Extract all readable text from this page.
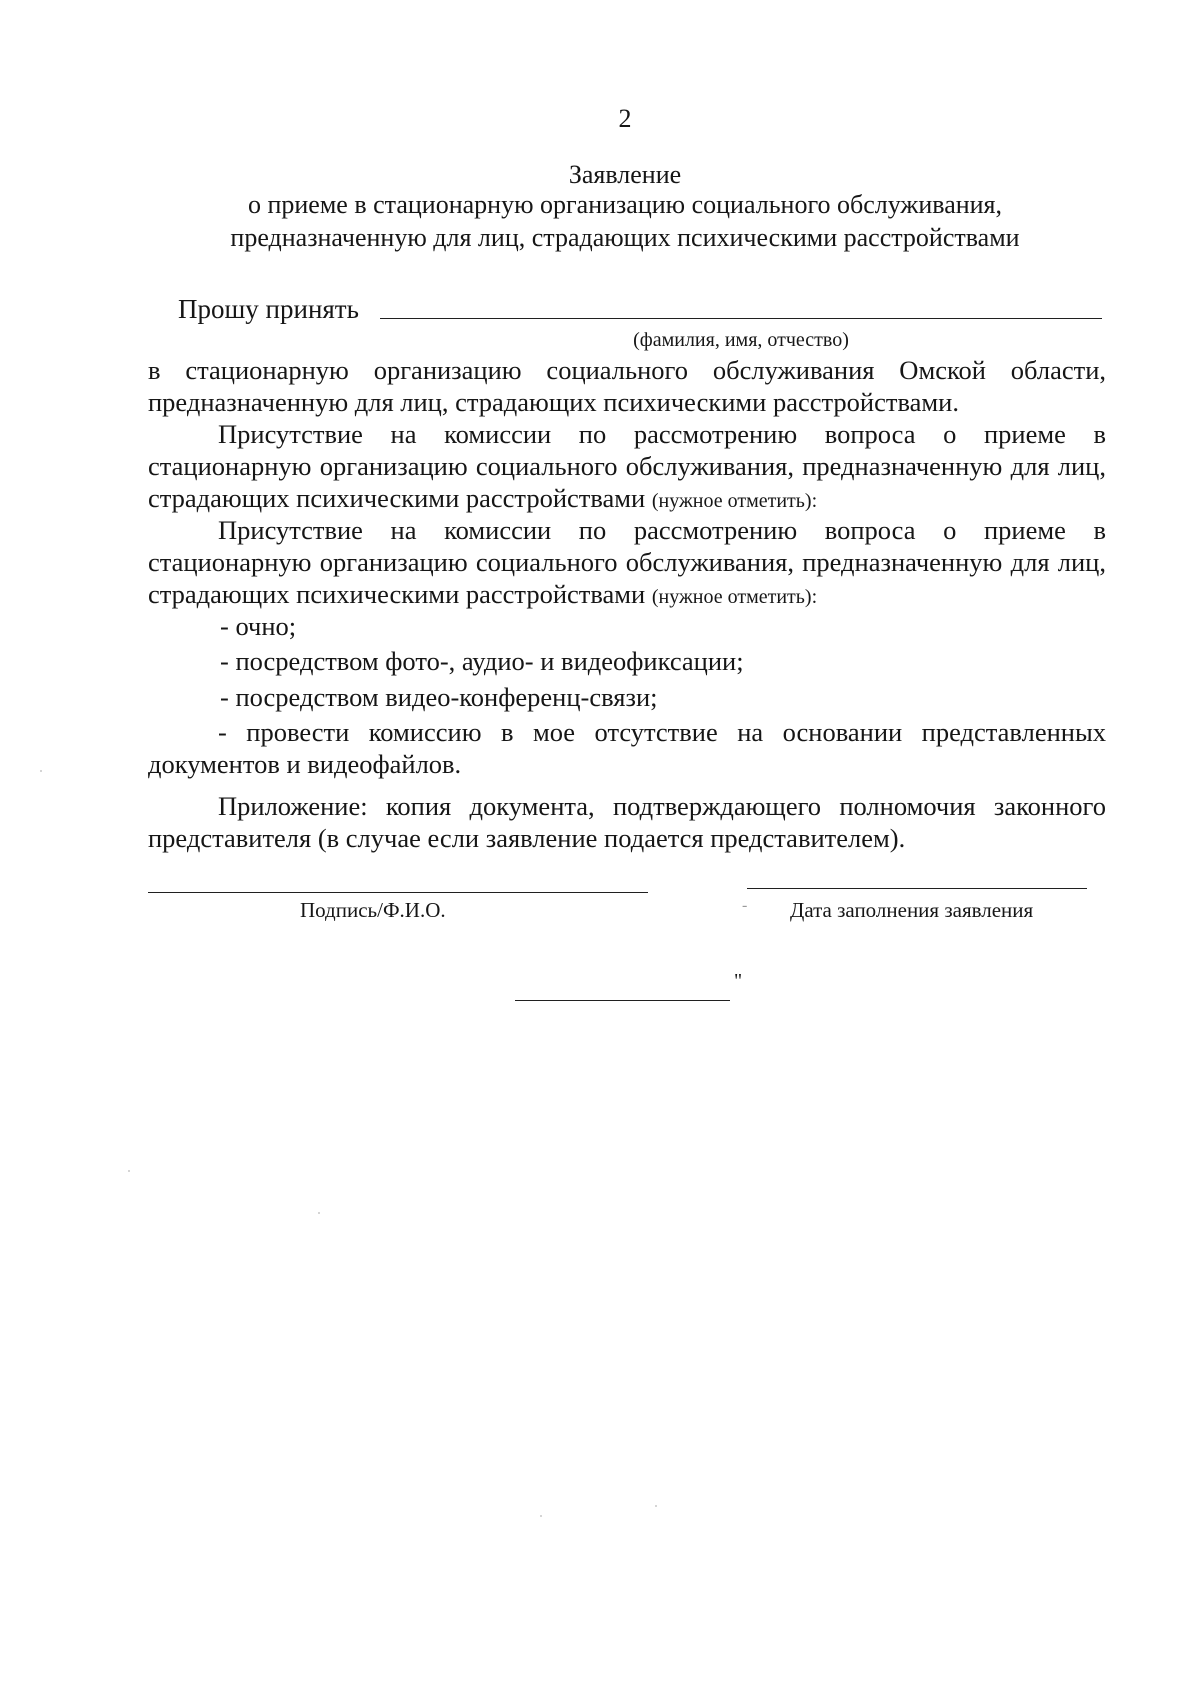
2
Заявление
о приеме в стационарную организацию социального обслуживания,
предназначенную для лиц, страдающих психическими расстройствами
Прошу принять
(фамилия, имя, отчество)
в стационарную организацию социального обслуживания Омской области, предназначенную для лиц, страдающих психическими расстройствами.
Присутствие на комиссии по рассмотрению вопроса о приеме в стационарную организацию социального обслуживания, предназначенную для лиц, страдающих психическими расстройствами (нужное отметить):
Присутствие на комиссии по рассмотрению вопроса о приеме в стационарную организацию социального обслуживания, предназначенную для лиц, страдающих психическими расстройствами (нужное отметить):
- очно;
- посредством фото-, аудио- и видеофиксации;
- посредством видео-конференц-связи;
- провести комиссию в мое отсутствие на основании представленных документов и видеофайлов.
Приложение: копия документа, подтверждающего полномочия законного представителя (в случае если заявление подается представителем).
Подпись/Ф.И.О.	- Дата заполнения заявления
"
